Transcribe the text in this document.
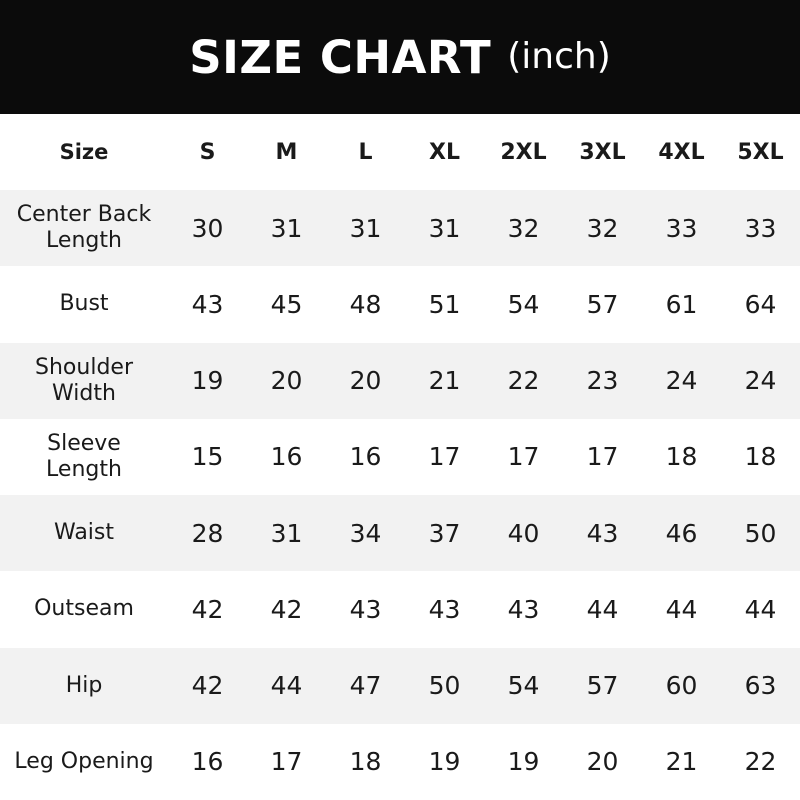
SIZE CHART (inch)
Size	S	M	L	XL	2XL	3XL	4XL	5XL
Center Back Length	30	31	31	31	32	32	33	33
Bust	43	45	48	51	54	57	61	64
Shoulder Width	19	20	20	21	22	23	24	24
Sleeve Length	15	16	16	17	17	17	18	18
Waist	28	31	34	37	40	43	46	50
Outseam	42	42	43	43	43	44	44	44
Hip	42	44	47	50	54	57	60	63
Leg Opening	16	17	18	19	19	20	21	22
